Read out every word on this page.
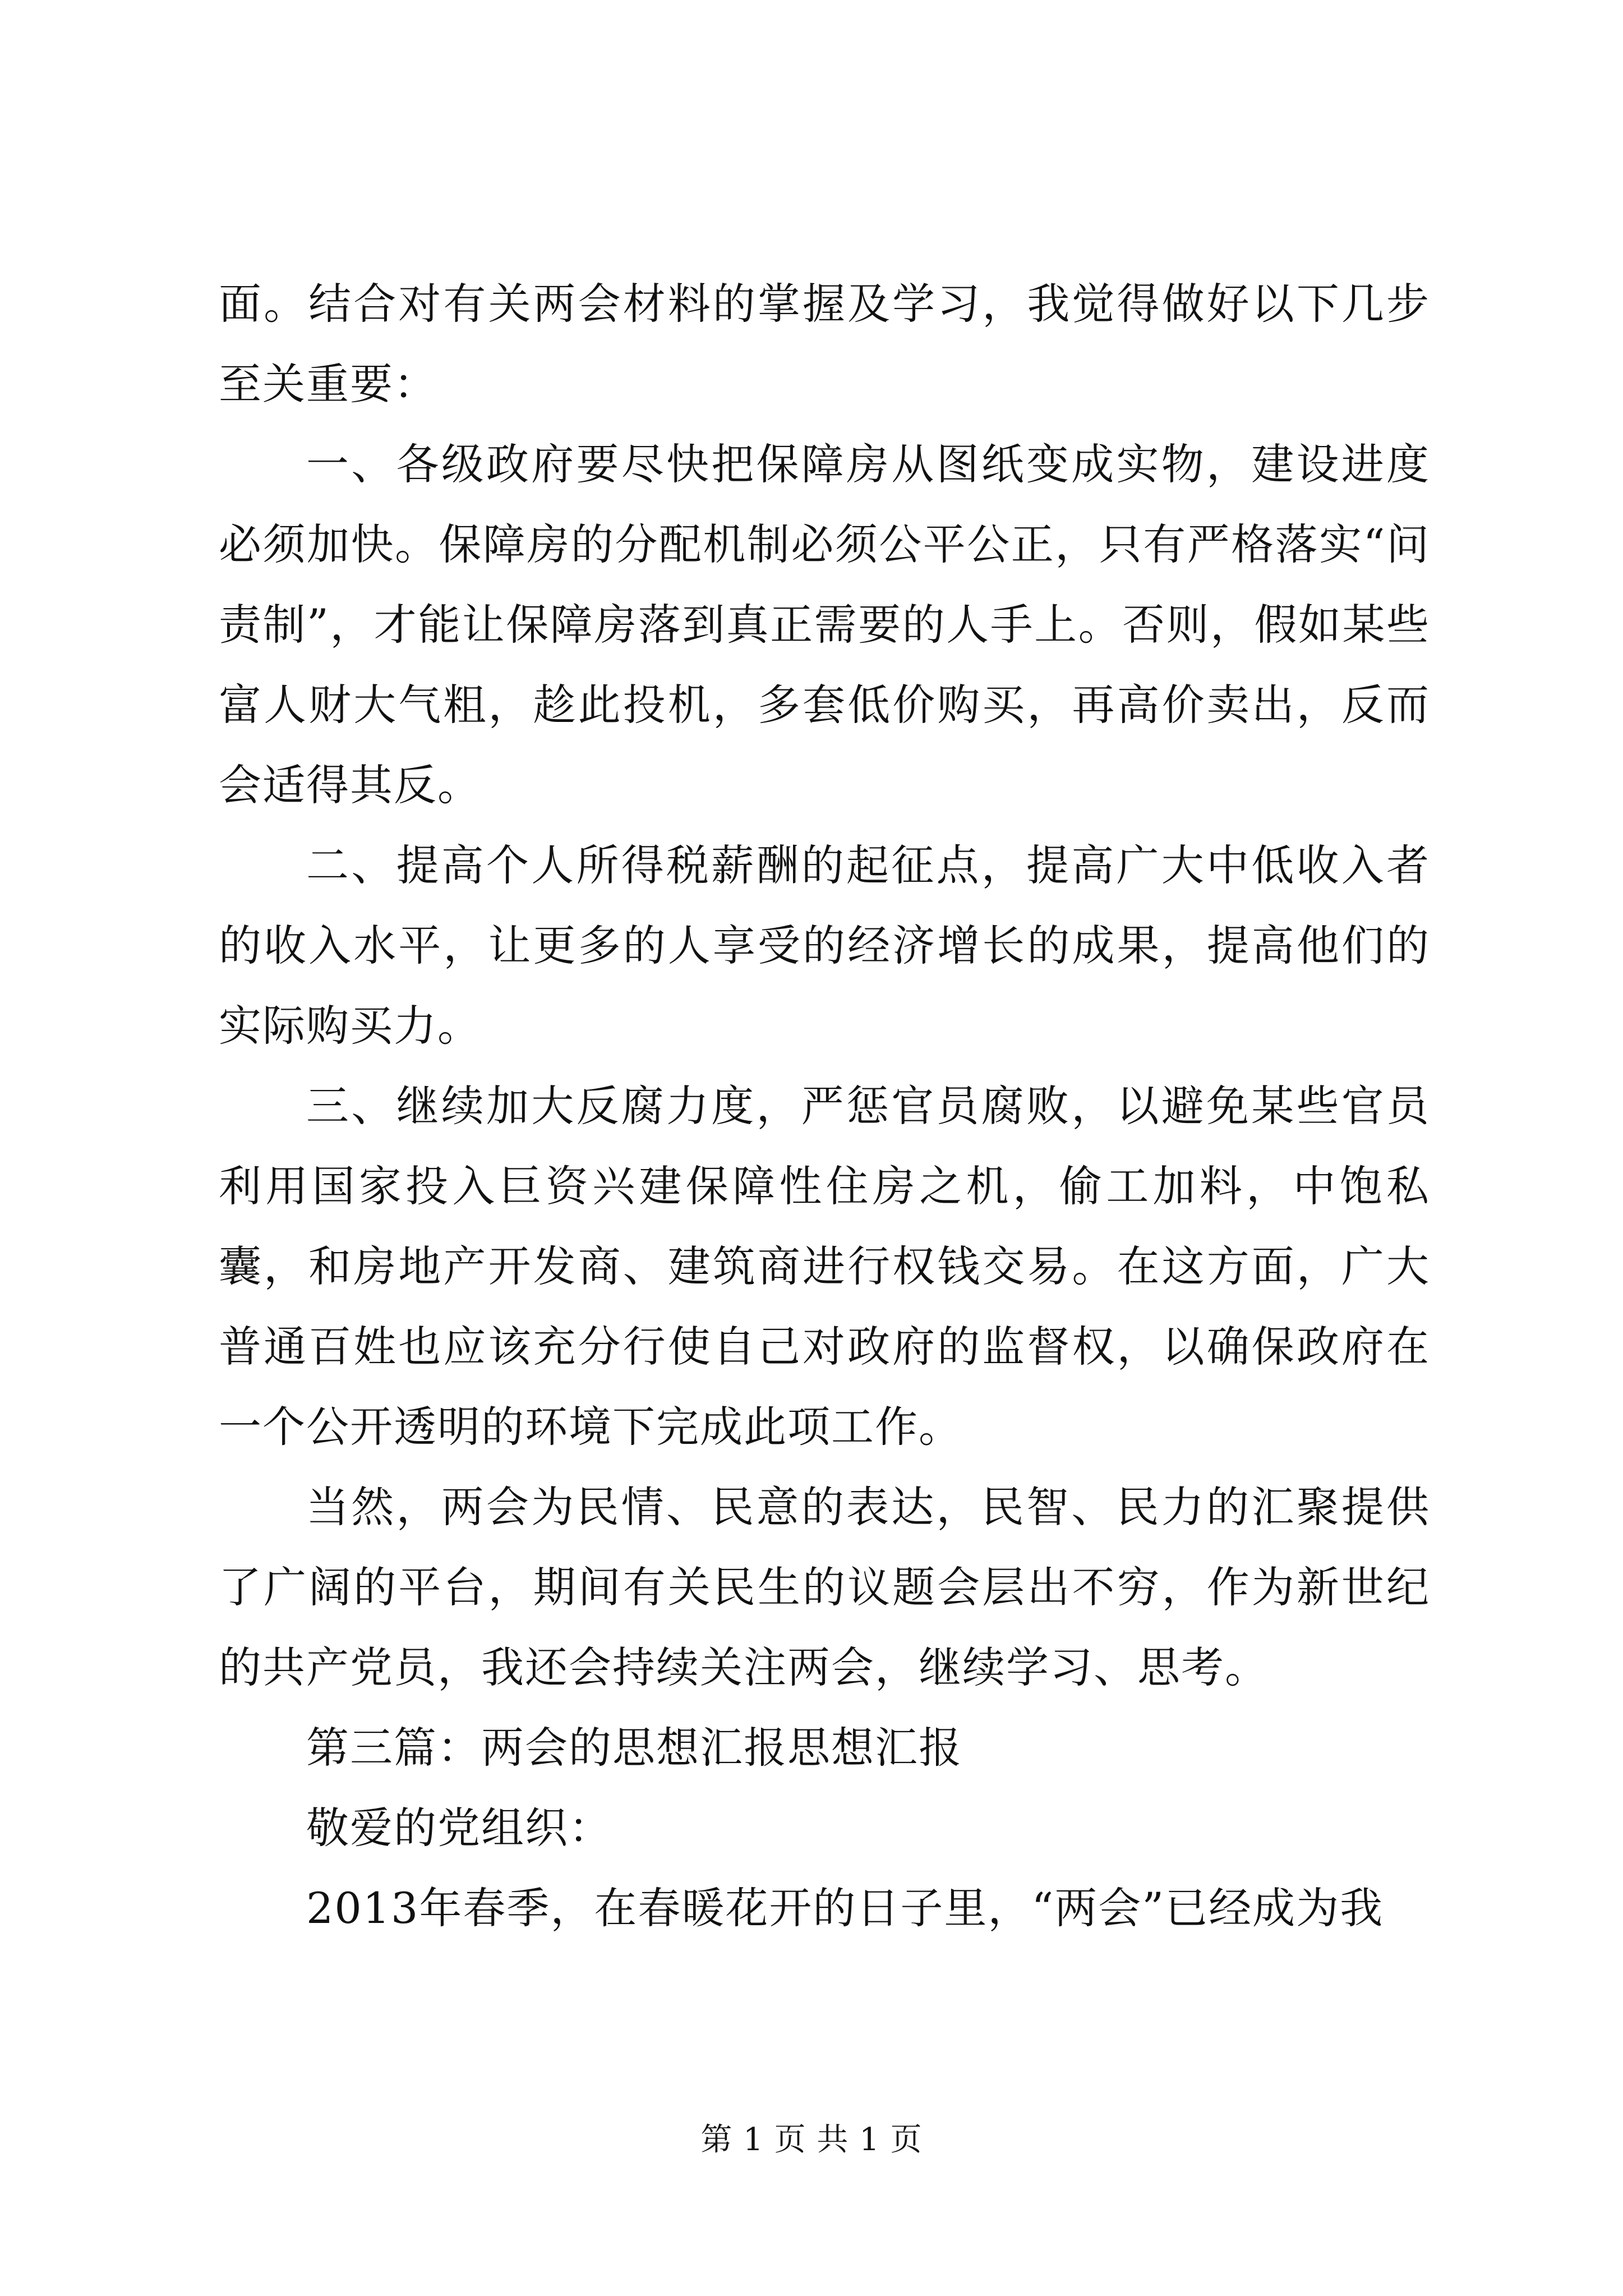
面。结合对有关两会材料的掌握及学习，我觉得做好以下几步至关重要：

一、各级政府要尽快把保障房从图纸变成实物，建设进度必须加快。保障房的分配机制必须公平公正，只有严格落实“问责制”，才能让保障房落到真正需要的人手上。否则，假如某些富人财大气粗，趁此投机，多套低价购买，再高价卖出，反而会适得其反。

二、提高个人所得税薪酬的起征点，提高广大中低收入者的收入水平，让更多的人享受的经济增长的成果，提高他们的实际购买力。

三、继续加大反腐力度，严惩官员腐败，以避免某些官员利用国家投入巨资兴建保障性住房之机，偷工加料，中饱私囊，和房地产开发商、建筑商进行权钱交易。在这方面，广大普通百姓也应该充分行使自己对政府的监督权，以确保政府在一个公开透明的环境下完成此项工作。

当然，两会为民情、民意的表达，民智、民力的汇聚提供了广阔的平台，期间有关民生的议题会层出不穷，作为新世纪的共产党员，我还会持续关注两会，继续学习、思考。

第三篇：两会的思想汇报思想汇报

敬爱的党组织：

2013年春季，在春暖花开的日子里，“两会”已经成为我

第 1 页 共 1 页
